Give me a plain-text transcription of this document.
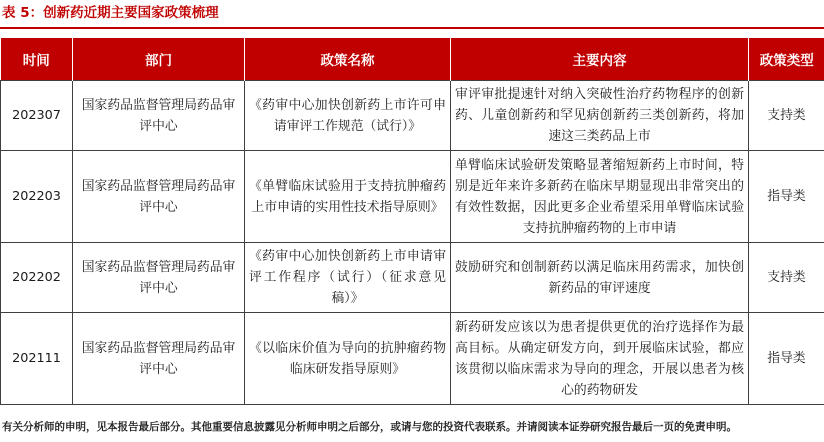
表 5：创新药近期主要国家政策梳理
时间	部门	政策名称	主要内容	政策类型
202307	国家药品监督管理局药品审评中心	《药审中心加快创新药上市许可申请审评工作规范（试行）》	审评审批提速针对纳入突破性治疗药物程序的创新药、儿童创新药和罕见病创新药三类创新药，将加速这三类药品上市	支持类
202203	国家药品监督管理局药品审评中心	《单臂临床试验用于支持抗肿瘤药上市申请的实用性技术指导原则》	单臂临床试验研发策略显著缩短新药上市时间，特别是近年来许多新药在临床早期显现出非常突出的有效性数据，因此更多企业希望采用单臂临床试验支持抗肿瘤药物的上市申请	指导类
202202	国家药品监督管理局药品审评中心	《药审中心加快创新药上市申请审评工作程序（试行）（征求意见稿）》	鼓励研究和创制新药以满足临床用药需求，加快创新药品的审评速度	支持类
202111	国家药品监督管理局药品审评中心	《以临床价值为导向的抗肿瘤药物临床研发指导原则》	新药研发应该以为患者提供更优的治疗选择作为最高目标。从确定研发方向，到开展临床试验，都应该贯彻以临床需求为导向的理念，开展以患者为核心的药物研发	指导类
有关分析师的申明，见本报告最后部分。其他重要信息披露见分析师申明之后部分，或请与您的投资代表联系。并请阅读本证券研究报告最后一页的免责申明。
